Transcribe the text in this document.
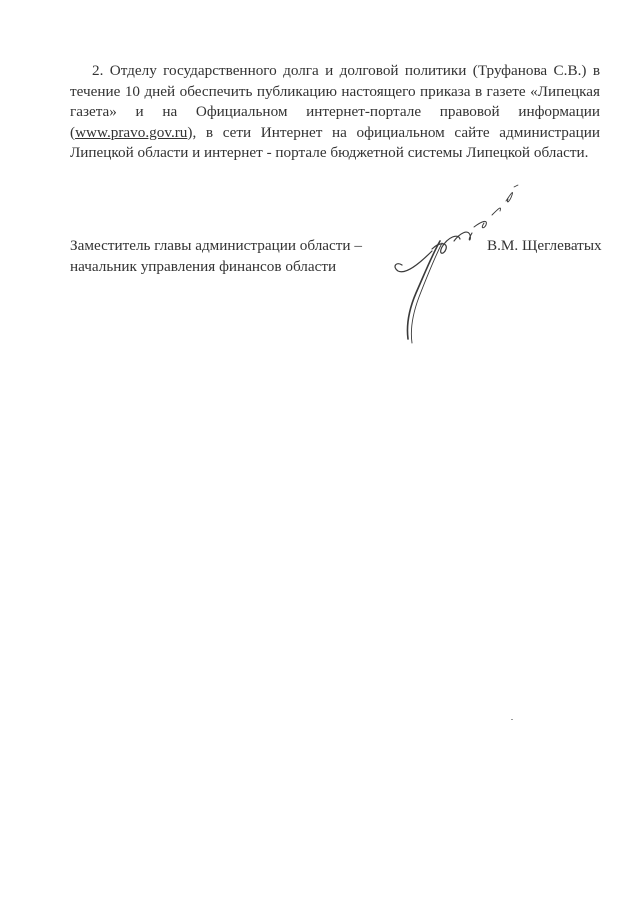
2. Отделу государственного долга и долговой политики (Труфанова С.В.) в течение 10 дней обеспечить публикацию настоящего приказа в газете «Липецкая газета» и на Официальном интернет-портале правовой информации (www.pravo.gov.ru), в сети Интернет на официальном сайте администрации Липецкой области и интернет - портале бюджетной системы Липецкой области.

Заместитель главы администрации области –
начальник управления финансов области
В.М. Щеглеватых
